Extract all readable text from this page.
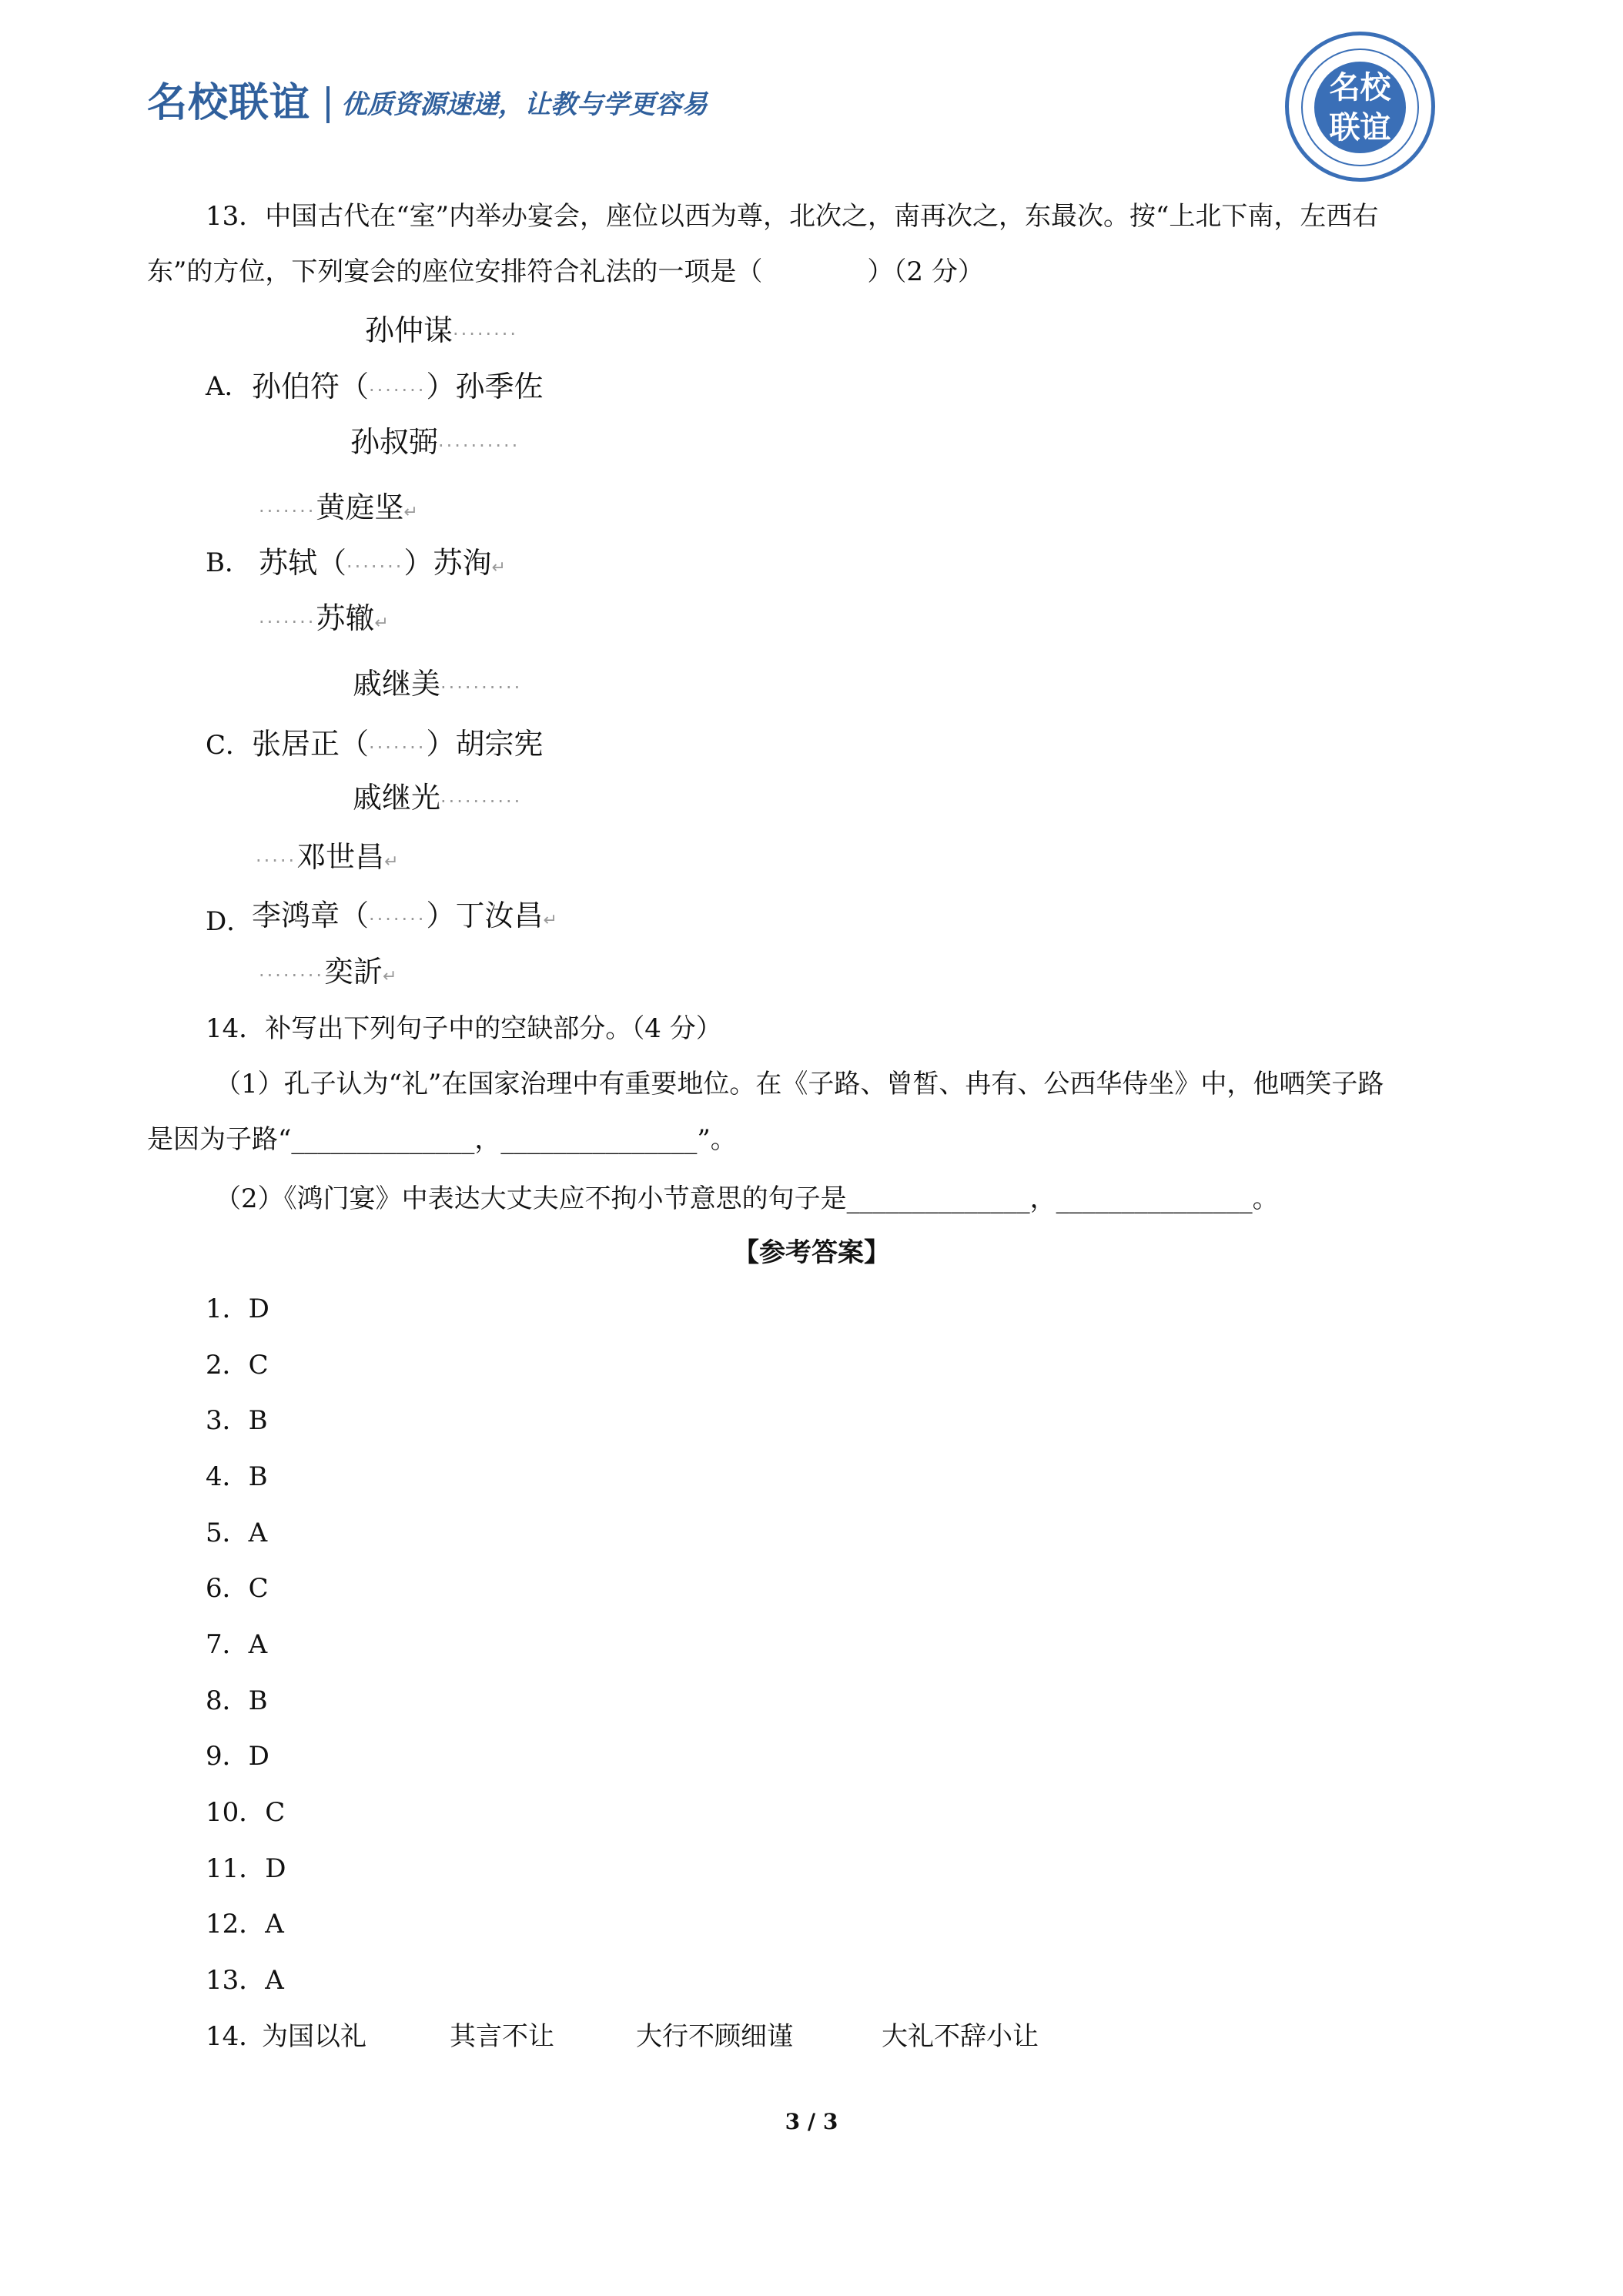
名校联谊 优质资源速递，让教与学更容易	名校联谊
13．中国古代在“室”内举办宴会，座位以西为尊，北次之，南再次之，东最次。按“上北下南，左西右
东”的方位，下列宴会的座位安排符合礼法的一项是（　　　　）（2 分）
孙仲谋········
A． 孙伯符（·······）孙季佐
孙叔弼··········
·······黄庭坚↵
B． 苏轼（·······）苏洵↵
·······苏辙↵
戚继美··········
C． 张居正（·······）胡宗宪
戚继光··········
·····邓世昌↵
D．
李鸿章（·······）丁汝昌↵
········奕訢↵
14．补写出下列句子中的空缺部分。（4 分）
（1）孔子认为“礼”在国家治理中有重要地位。在《子路、曾皙、冉有、公西华侍坐》中，他哂笑子路
是因为子路“______________，_______________”。
（2）《鸿门宴》中表达大丈夫应不拘小节意思的句子是______________，_______________。
【参考答案】
1．D
2．C
3．B
4．B
5．A
6．C
7．A
8．B
9．D
10．C
11．D
12．A
13．A
14．
为国以礼	其言不让	大行不顾细谨	大礼不辞小让
3 / 3
